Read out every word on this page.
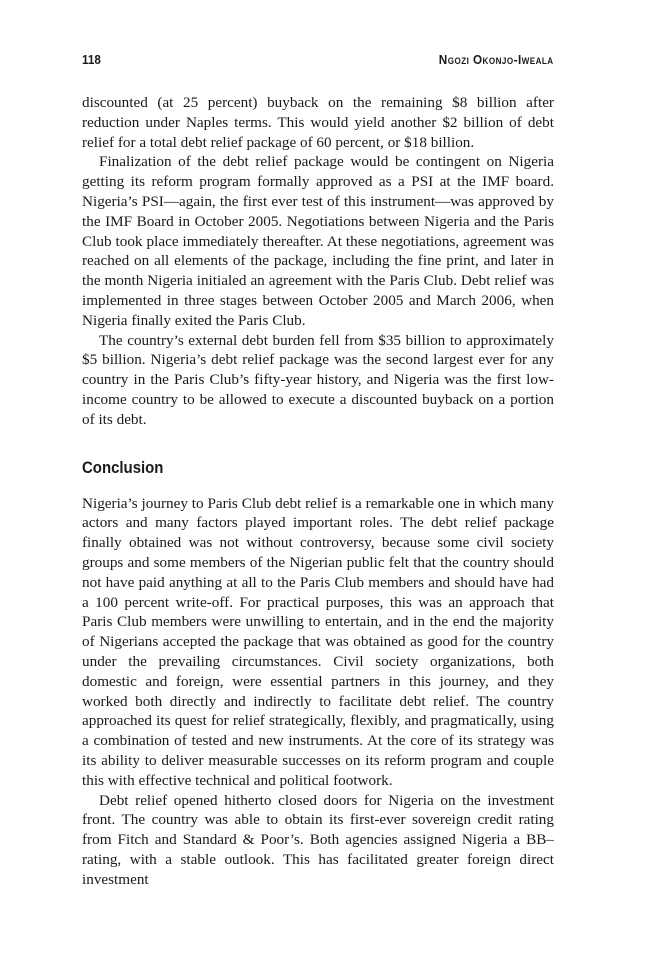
118	Ngozi Okonjo-Iweala

discounted (at 25 percent) buyback on the remaining $8 billion after reduction under Naples terms. This would yield another $2 billion of debt relief for a total debt relief package of 60 percent, or $18 billion.

Finalization of the debt relief package would be contingent on Nigeria getting its reform program formally approved as a PSI at the IMF board. Nigeria’s PSI—again, the first ever test of this instrument—was approved by the IMF Board in October 2005. Negotiations between Nigeria and the Paris Club took place immediately thereafter. At these negotiations, agreement was reached on all elements of the package, including the fine print, and later in the month Nigeria initialed an agreement with the Paris Club. Debt relief was implemented in three stages between October 2005 and March 2006, when Nigeria finally exited the Paris Club.

The country’s external debt burden fell from $35 billion to approximately $5 billion. Nigeria’s debt relief package was the second largest ever for any country in the Paris Club’s fifty-year history, and Nigeria was the first low-income country to be allowed to execute a discounted buyback on a portion of its debt.

Conclusion

Nigeria’s journey to Paris Club debt relief is a remarkable one in which many actors and many factors played important roles. The debt relief package finally obtained was not without controversy, because some civil society groups and some members of the Nigerian public felt that the country should not have paid anything at all to the Paris Club members and should have had a 100 percent write-off. For practical purposes, this was an approach that Paris Club members were unwilling to entertain, and in the end the majority of Nigerians accepted the package that was obtained as good for the country under the prevailing circumstances. Civil society organizations, both domestic and foreign, were essential partners in this journey, and they worked both directly and indirectly to facilitate debt relief. The country approached its quest for relief strategically, flexibly, and pragmatically, using a combination of tested and new instruments. At the core of its strategy was its ability to deliver measurable successes on its reform program and couple this with effective technical and political footwork.

Debt relief opened hitherto closed doors for Nigeria on the investment front. The country was able to obtain its first-ever sovereign credit rating from Fitch and Standard & Poor’s. Both agencies assigned Nigeria a BB– rating, with a stable outlook. This has facilitated greater foreign direct investment
